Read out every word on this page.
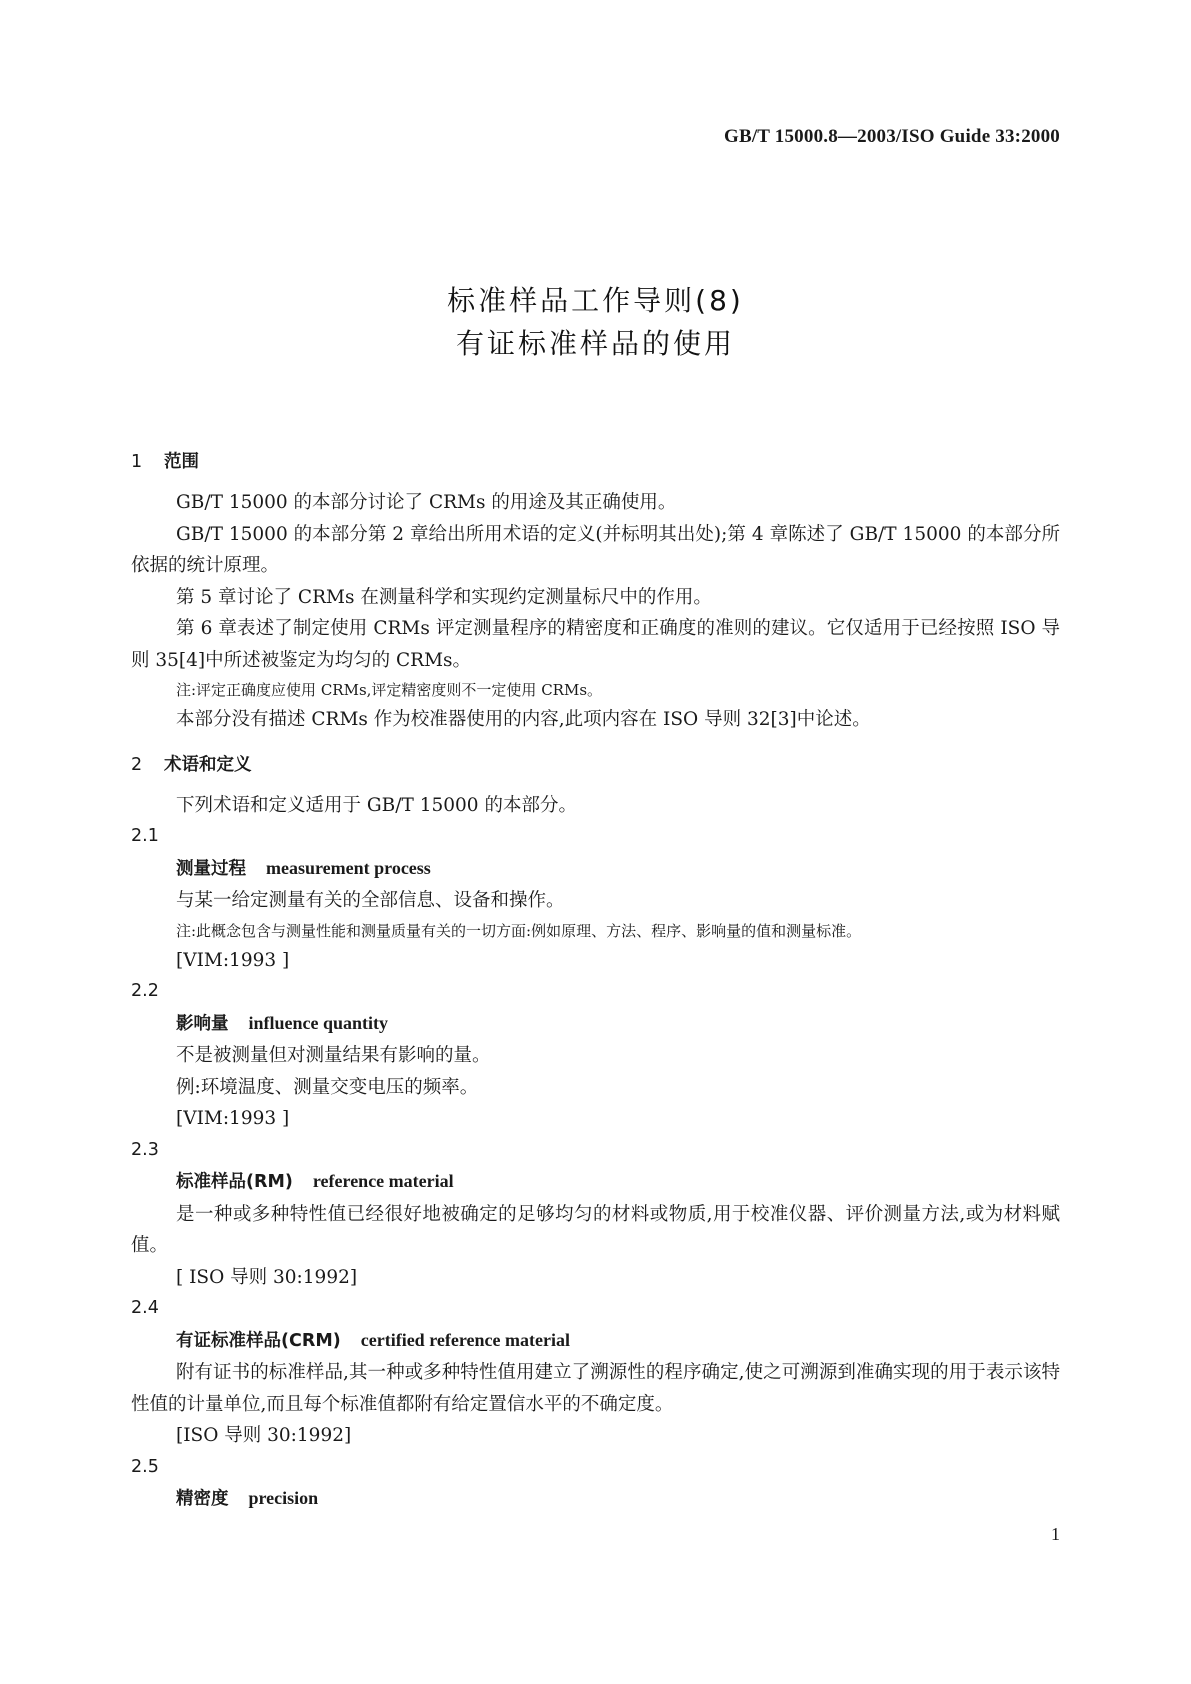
GB/T 15000.8—2003/ISO Guide 33:2000
标准样品工作导则(8)
有证标准样品的使用
1 范围
GB/T 15000 的本部分讨论了 CRMs 的用途及其正确使用。
GB/T 15000 的本部分第 2 章给出所用术语的定义(并标明其出处);第 4 章陈述了 GB/T 15000 的本部分所依据的统计原理。
第 5 章讨论了 CRMs 在测量科学和实现约定测量标尺中的作用。
第 6 章表述了制定使用 CRMs 评定测量程序的精密度和正确度的准则的建议。它仅适用于已经按照 ISO 导则 35[4]中所述被鉴定为均匀的 CRMs。
注:评定正确度应使用 CRMs,评定精密度则不一定使用 CRMs。
本部分没有描述 CRMs 作为校准器使用的内容,此项内容在 ISO 导则 32[3]中论述。
2 术语和定义
下列术语和定义适用于 GB/T 15000 的本部分。
2.1
测量过程 measurement process
与某一给定测量有关的全部信息、设备和操作。
注:此概念包含与测量性能和测量质量有关的一切方面:例如原理、方法、程序、影响量的值和测量标准。
[VIM:1993 ]
2.2
影响量 influence quantity
不是被测量但对测量结果有影响的量。
例:环境温度、测量交变电压的频率。
[VIM:1993 ]
2.3
标准样品(RM) reference material
是一种或多种特性值已经很好地被确定的足够均匀的材料或物质,用于校准仪器、评价测量方法,或为材料赋值。
[ ISO 导则 30:1992]
2.4
有证标准样品(CRM) certified reference material
附有证书的标准样品,其一种或多种特性值用建立了溯源性的程序确定,使之可溯源到准确实现的用于表示该特性值的计量单位,而且每个标准值都附有给定置信水平的不确定度。
[ISO 导则 30:1992]
2.5
精密度 precision
1
